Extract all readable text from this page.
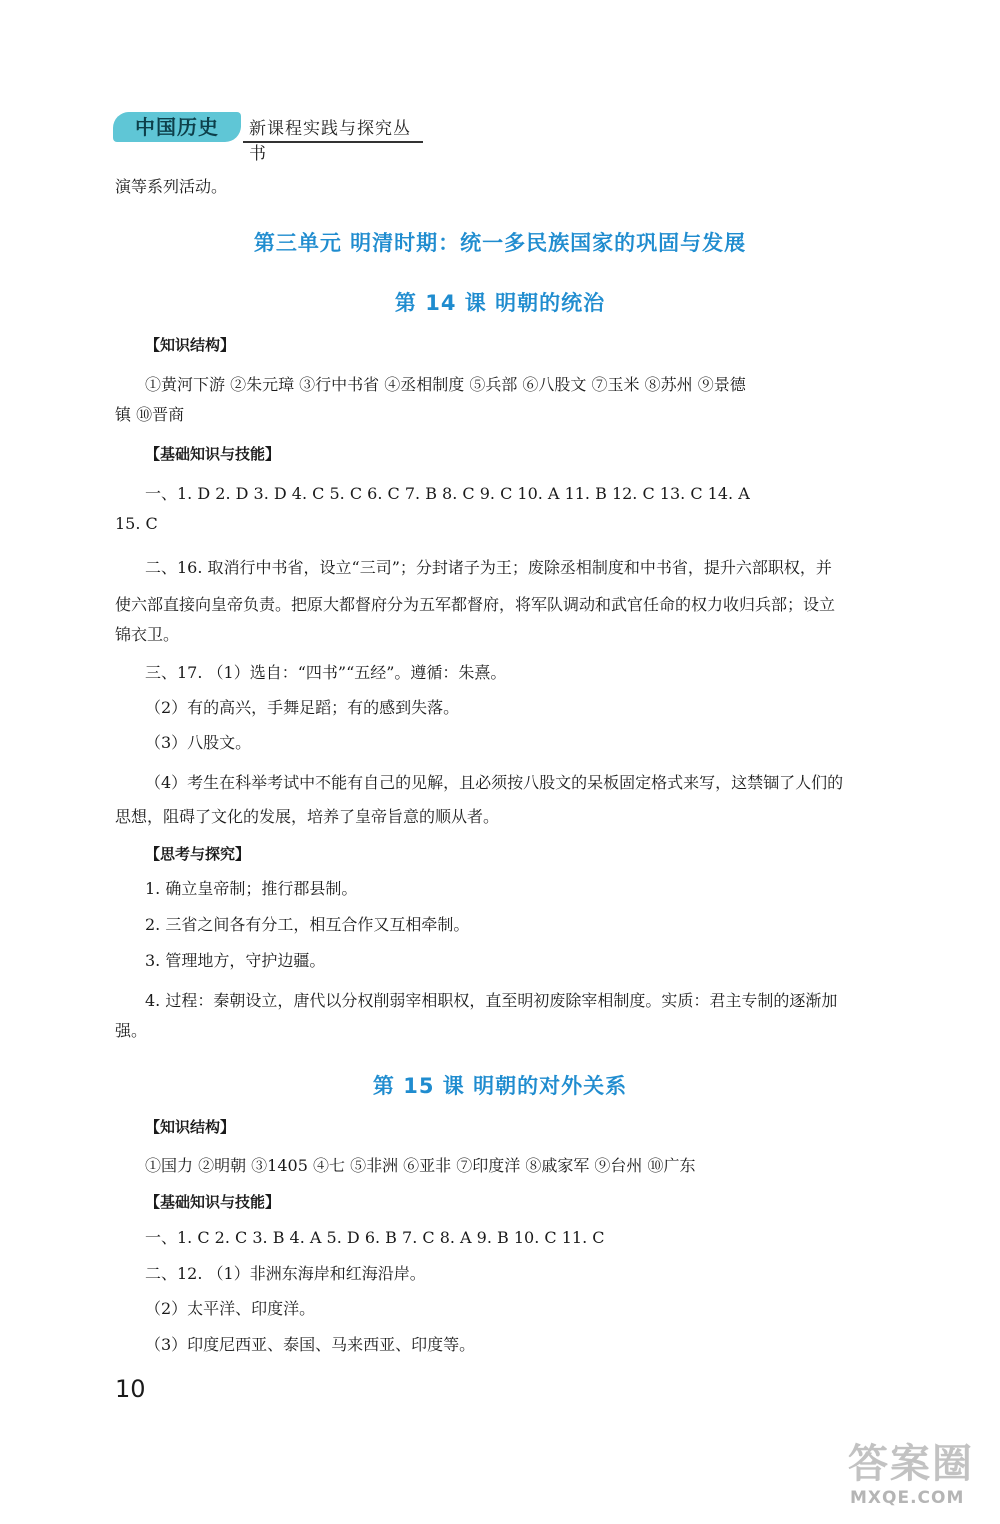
中国历史	新课程实践与探究丛书
演等系列活动。
第三单元 明清时期：统一多民族国家的巩固与发展
第 14 课 明朝的统治
【知识结构】
①黄河下游 ②朱元璋 ③行中书省 ④丞相制度 ⑤兵部 ⑥八股文 ⑦玉米 ⑧苏州 ⑨景德
镇 ⑩晋商
【基础知识与技能】
一、1. D 2. D 3. D 4. C 5. C 6. C 7. B 8. C 9. C 10. A 11. B 12. C 13. C 14. A
15. C
二、16. 取消行中书省，设立“三司”；分封诸子为王；废除丞相制度和中书省，提升六部职权，并
使六部直接向皇帝负责。把原大都督府分为五军都督府，将军队调动和武官任命的权力收归兵部；设立
锦衣卫。
三、17. （1）选自：“四书”“五经”。遵循：朱熹。
（2）有的高兴，手舞足蹈；有的感到失落。
（3）八股文。
（4）考生在科举考试中不能有自己的见解，且必须按八股文的呆板固定格式来写，这禁锢了人们的
思想，阻碍了文化的发展，培养了皇帝旨意的顺从者。
【思考与探究】
1. 确立皇帝制；推行郡县制。
2. 三省之间各有分工，相互合作又互相牵制。
3. 管理地方，守护边疆。
4. 过程：秦朝设立，唐代以分权削弱宰相职权，直至明初废除宰相制度。实质：君主专制的逐渐加
强。
第 15 课 明朝的对外关系
【知识结构】
①国力 ②明朝 ③1405 ④七 ⑤非洲 ⑥亚非 ⑦印度洋 ⑧戚家军 ⑨台州 ⑩广东
【基础知识与技能】
一、1. C 2. C 3. B 4. A 5. D 6. B 7. C 8. A 9. B 10. C 11. C
二、12. （1）非洲东海岸和红海沿岸。
（2）太平洋、印度洋。
（3）印度尼西亚、泰国、马来西亚、印度等。
10
答案圈
MXQE.COM
